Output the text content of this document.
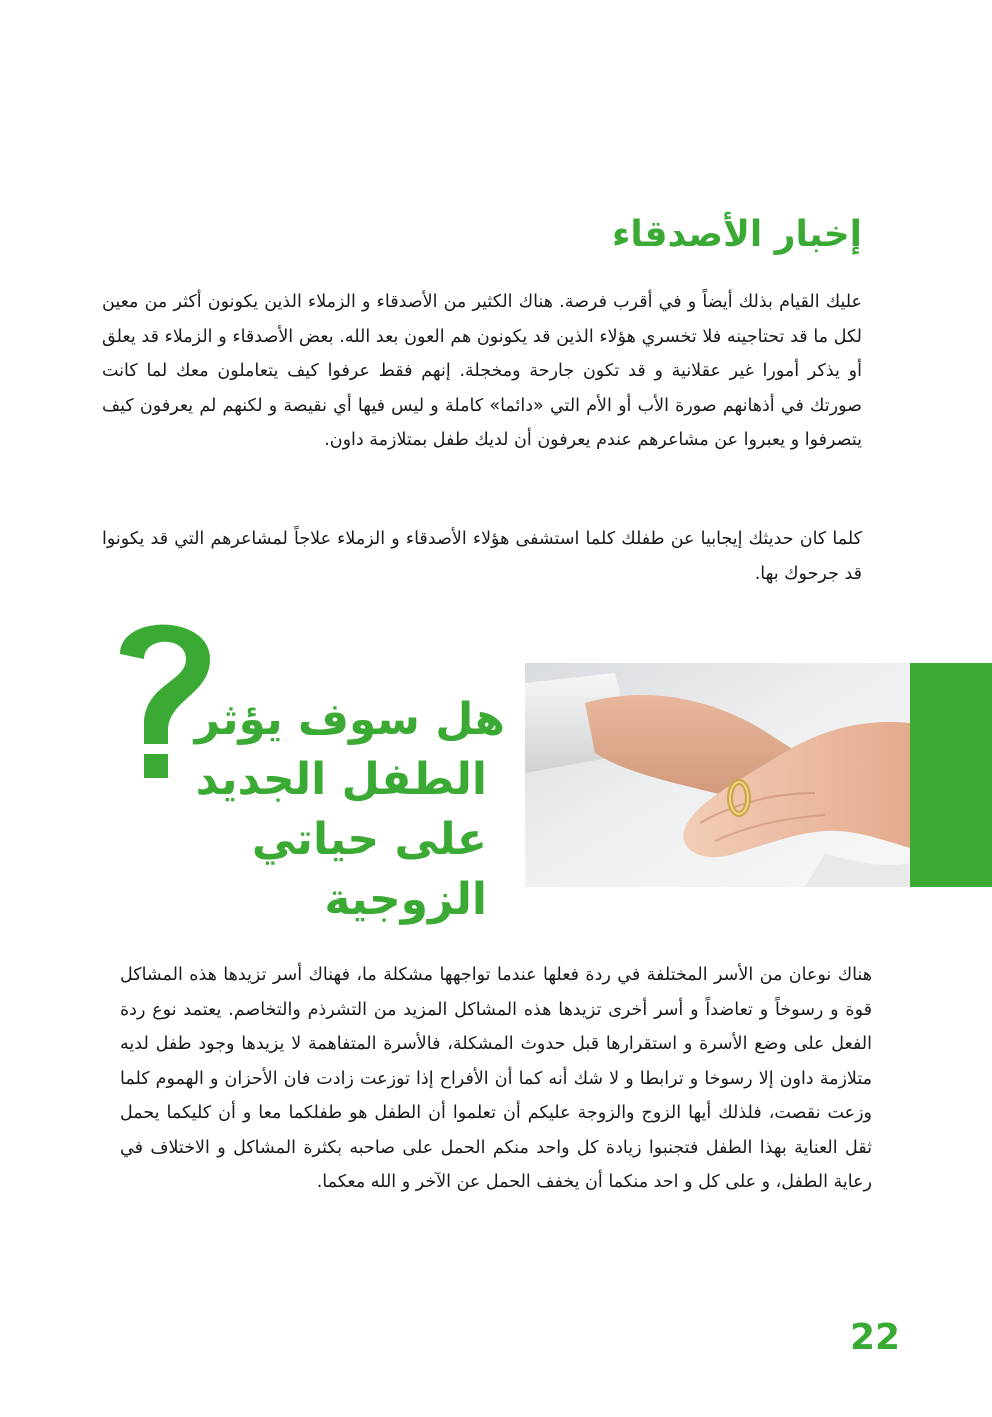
إخبار الأصدقاء

عليك القيام بذلك أيضاً و في أقرب فرصة. هناك الكثير من الأصدقاء و الزملاء الذين يكونون أكثر من معين لكل ما قد تحتاجينه فلا تخسري هؤلاء الذين قد يكونون هم العون بعد الله. بعض الأصدقاء و الزملاء قد يعلق أو يذكر أمورا غير عقلانية و قد تكون جارحة ومخجلة. إنهم فقط عرفوا كيف يتعاملون معك لما كانت صورتك في أذهانهم صورة الأب أو الأم التي «دائما» كاملة و ليس فيها أي نقيصة و لكنهم لم يعرفون كيف يتصرفوا و يعبروا عن مشاعرهم عندم يعرفون أن لديك طفل بمتلازمة داون.

كلما كان حديثك إيجابيا عن طفلك كلما استشفى هؤلاء الأصدقاء و الزملاء علاجاً لمشاعرهم التي قد يكونوا قد جرحوك بها.

هل سوف يؤثر
الطفل الجديد
على حياتي الزوجية

هناك نوعان من الأسر المختلفة في ردة فعلها عندما تواجهها مشكلة ما، فهناك أسر تزيدها هذه المشاكل قوة و رسوخاً و تعاضداً و أسر أخرى تزيدها هذه المشاكل المزيد من التشرذم والتخاصم. يعتمد نوع ردة الفعل على وضع الأسرة و استقرارها قبل حدوث المشكلة، فالأسرة المتفاهمة لا يزيدها وجود طفل لديه متلازمة داون إلا رسوخا و ترابطا و لا شك أنه كما أن الأفراح إذا توزعت زادت فان الأحزان و الهموم كلما وزعت نقصت، فلذلك أيها الزوج والزوجة عليكم أن تعلموا أن الطفل هو طفلكما معا و أن كليكما يحمل ثقل العناية بهذا الطفل فتجنبوا زيادة كل واحد منكم الحمل على صاحبه بكثرة المشاكل و الاختلاف في رعاية الطفل، و على كل و احد منكما أن يخفف الحمل عن الآخر و الله معكما.

22
